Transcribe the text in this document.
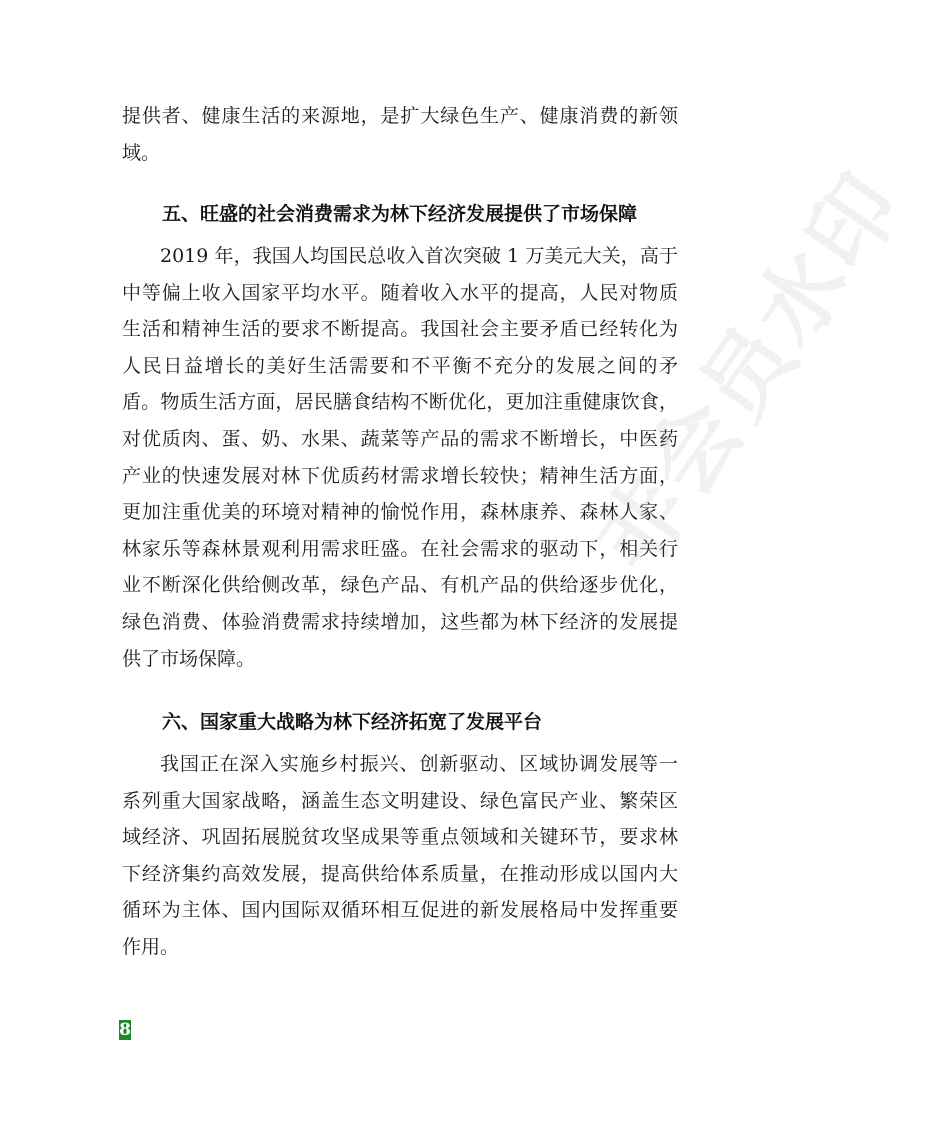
提供者、健康生活的来源地，是扩大绿色生产、健康消费的新领
域。
五、旺盛的社会消费需求为林下经济发展提供了市场保障
2019 年，我国人均国民总收入首次突破 1 万美元大关，高于
中等偏上收入国家平均水平。随着收入水平的提高，人民对物质
生活和精神生活的要求不断提高。我国社会主要矛盾已经转化为
人民日益增长的美好生活需要和不平衡不充分的发展之间的矛
盾。物质生活方面，居民膳食结构不断优化，更加注重健康饮食，
对优质肉、蛋、奶、水果、蔬菜等产品的需求不断增长，中医药
产业的快速发展对林下优质药材需求增长较快；精神生活方面，
更加注重优美的环境对精神的愉悦作用，森林康养、森林人家、
林家乐等森林景观利用需求旺盛。在社会需求的驱动下，相关行
业不断深化供给侧改革，绿色产品、有机产品的供给逐步优化，
绿色消费、体验消费需求持续增加，这些都为林下经济的发展提
供了市场保障。
六、国家重大战略为林下经济拓宽了发展平台
我国正在深入实施乡村振兴、创新驱动、区域协调发展等一
系列重大国家战略，涵盖生态文明建设、绿色富民产业、繁荣区
域经济、巩固拓展脱贫攻坚成果等重点领域和关键环节，要求林
下经济集约高效发展，提高供给体系质量，在推动形成以国内大
循环为主体、国内国际双循环相互促进的新发展格局中发挥重要
作用。
非会员水印
8
